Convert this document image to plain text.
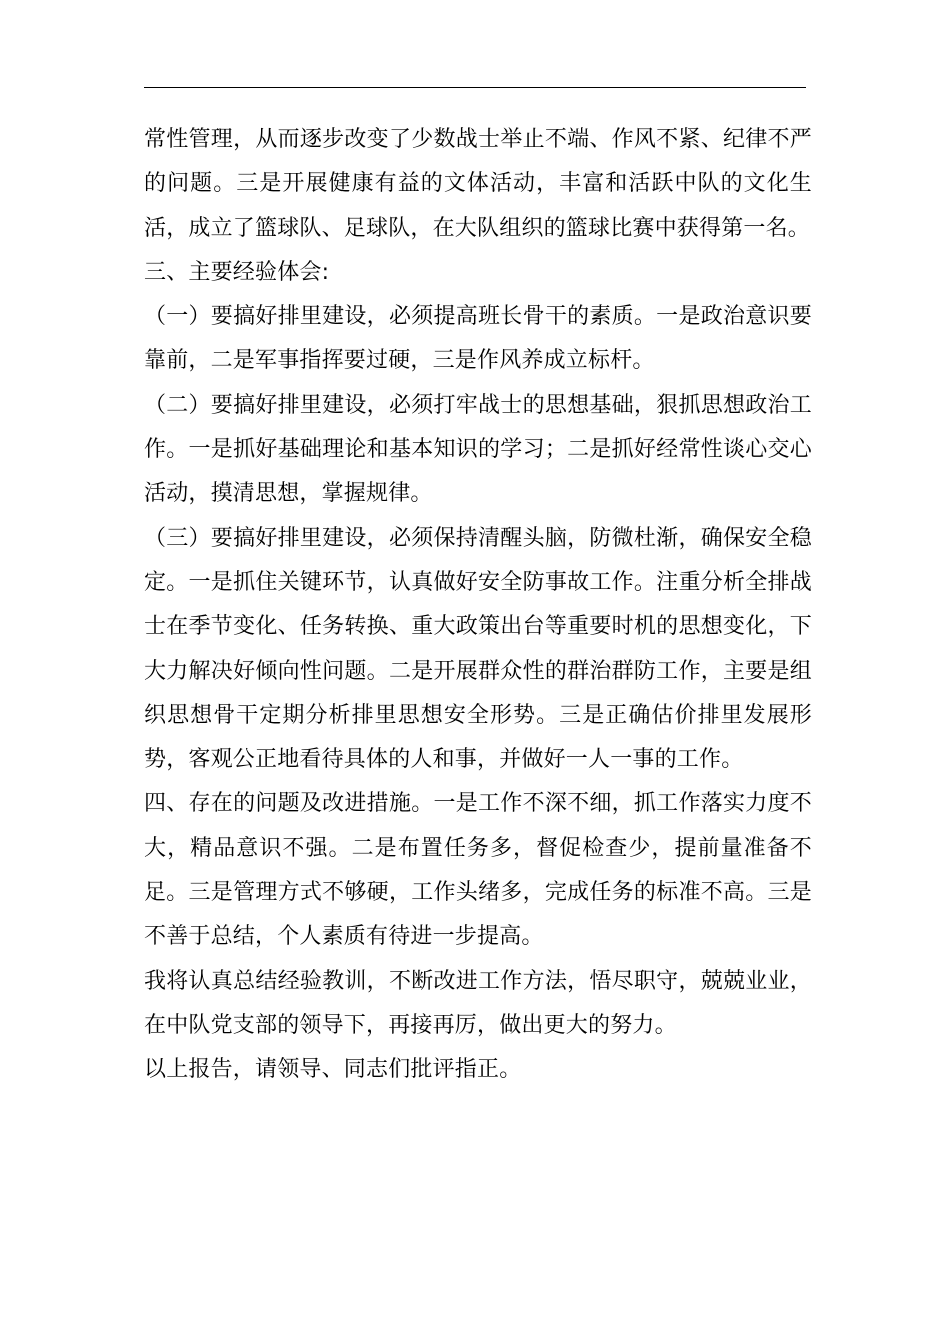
常性管理，从而逐步改变了少数战士举止不端、作风不紧、纪律不严的问题。三是开展健康有益的文体活动，丰富和活跃中队的文化生活，成立了篮球队、足球队，在大队组织的篮球比赛中获得第一名。

三、主要经验体会:

（一）要搞好排里建设，必须提高班长骨干的素质。一是政治意识要靠前，二是军事指挥要过硬，三是作风养成立标杆。

（二）要搞好排里建设，必须打牢战士的思想基础，狠抓思想政治工作。一是抓好基础理论和基本知识的学习；二是抓好经常性谈心交心活动，摸清思想，掌握规律。

（三）要搞好排里建设，必须保持清醒头脑，防微杜渐，确保安全稳定。一是抓住关键环节，认真做好安全防事故工作。注重分析全排战士在季节变化、任务转换、重大政策出台等重要时机的思想变化，下大力解决好倾向性问题。二是开展群众性的群治群防工作，主要是组织思想骨干定期分析排里思想安全形势。三是正确估价排里发展形势，客观公正地看待具体的人和事，并做好一人一事的工作。

四、存在的问题及改进措施。一是工作不深不细，抓工作落实力度不大，精品意识不强。二是布置任务多，督促检查少，提前量准备不足。三是管理方式不够硬，工作头绪多，完成任务的标准不高。三是不善于总结，个人素质有待进一步提高。

我将认真总结经验教训，不断改进工作方法，悟尽职守，兢兢业业，在中队党支部的领导下，再接再厉，做出更大的努力。

以上报告，请领导、同志们批评指正。
